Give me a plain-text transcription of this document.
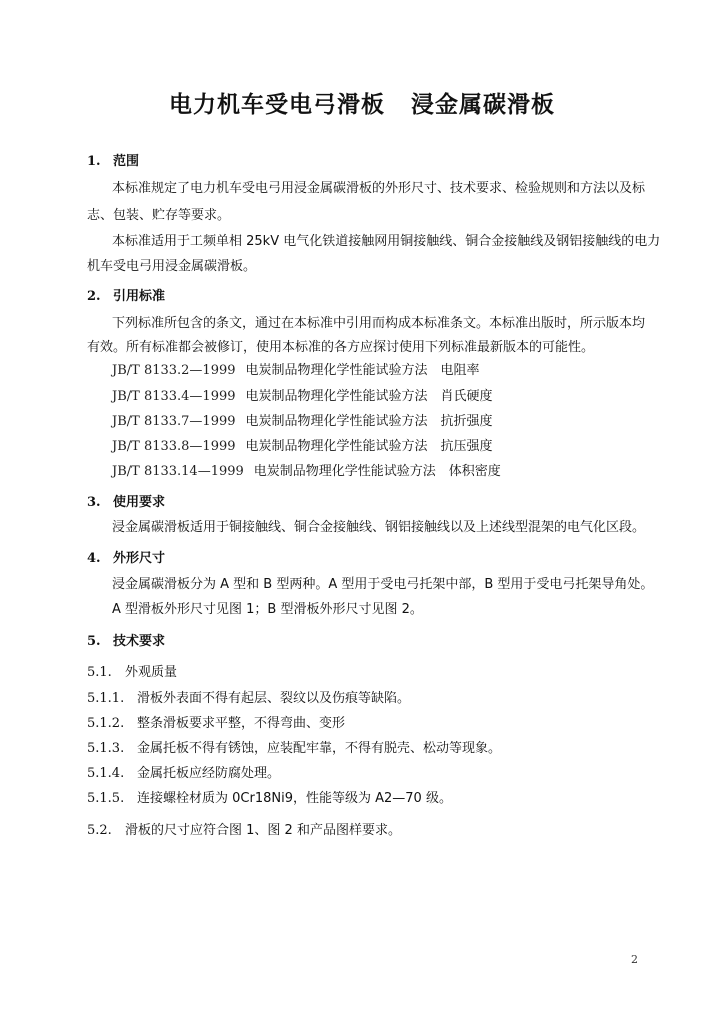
电力机车受电弓滑板 浸金属碳滑板
1. 范围
本标准规定了电力机车受电弓用浸金属碳滑板的外形尺寸、技术要求、检验规则和方法以及标
志、包装、贮存等要求。
本标准适用于工频单相 25kV 电气化铁道接触网用铜接触线、铜合金接触线及钢铝接触线的电力
机车受电弓用浸金属碳滑板。
2. 引用标准
下列标准所包含的条文，通过在本标准中引用而构成本标准条文。本标准出版时，所示版本均
有效。所有标准都会被修订，使用本标准的各方应探讨使用下列标准最新版本的可能性。
JB/T 8133.2—1999 电炭制品物理化学性能试验方法　电阻率
JB/T 8133.4—1999 电炭制品物理化学性能试验方法　肖氏硬度
JB/T 8133.7—1999 电炭制品物理化学性能试验方法　抗折强度
JB/T 8133.8—1999 电炭制品物理化学性能试验方法　抗压强度
JB/T 8133.14—1999 电炭制品物理化学性能试验方法　体积密度
3. 使用要求
浸金属碳滑板适用于铜接触线、铜合金接触线、钢铝接触线以及上述线型混架的电气化区段。
4. 外形尺寸
浸金属碳滑板分为 A 型和 B 型两种。A 型用于受电弓托架中部，B 型用于受电弓托架导角处。
A 型滑板外形尺寸见图 1；B 型滑板外形尺寸见图 2。
5. 技术要求
5.1. 外观质量
5.1.1. 滑板外表面不得有起层、裂纹以及伤痕等缺陷。
5.1.2. 整条滑板要求平整，不得弯曲、变形
5.1.3. 金属托板不得有锈蚀，应装配牢靠，不得有脱壳、松动等现象。
5.1.4. 金属托板应经防腐处理。
5.1.5. 连接螺栓材质为 0Cr18Ni9，性能等级为 A2—70 级。
5.2. 滑板的尺寸应符合图 1、图 2 和产品图样要求。
2
